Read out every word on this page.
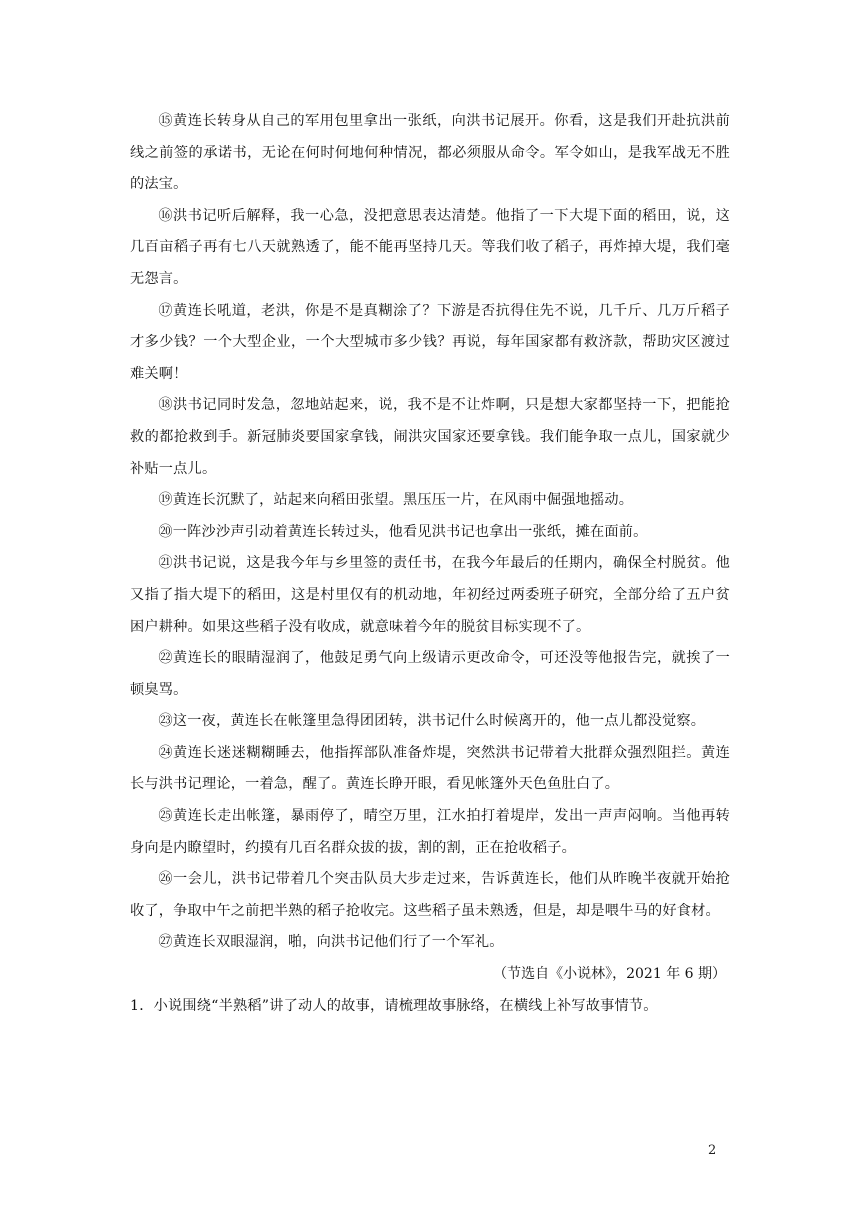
⑮黄连长转身从自己的军用包里拿出一张纸，向洪书记展开。你看，这是我们开赴抗洪前线之前签的承诺书，无论在何时何地何种情况，都必须服从命令。军令如山，是我军战无不胜的法宝。

⑯洪书记听后解释，我一心急，没把意思表达清楚。他指了一下大堤下面的稻田，说，这几百亩稻子再有七八天就熟透了，能不能再坚持几天。等我们收了稻子，再炸掉大堤，我们毫无怨言。

⑰黄连长吼道，老洪，你是不是真糊涂了？下游是否抗得住先不说，几千斤、几万斤稻子才多少钱？一个大型企业，一个大型城市多少钱？再说，每年国家都有救济款，帮助灾区渡过难关啊！

⑱洪书记同时发急，忽地站起来，说，我不是不让炸啊，只是想大家都坚持一下，把能抢救的都抢救到手。新冠肺炎要国家拿钱，闹洪灾国家还要拿钱。我们能争取一点儿，国家就少补贴一点儿。

⑲黄连长沉默了，站起来向稻田张望。黑压压一片，在风雨中倔强地摇动。

⑳一阵沙沙声引动着黄连长转过头，他看见洪书记也拿出一张纸，摊在面前。

㉑洪书记说，这是我今年与乡里签的责任书，在我今年最后的任期内，确保全村脱贫。他又指了指大堤下的稻田，这是村里仅有的机动地，年初经过两委班子研究，全部分给了五户贫困户耕种。如果这些稻子没有收成，就意味着今年的脱贫目标实现不了。

㉒黄连长的眼睛湿润了，他鼓足勇气向上级请示更改命令，可还没等他报告完，就挨了一顿臭骂。

㉓这一夜，黄连长在帐篷里急得团团转，洪书记什么时候离开的，他一点儿都没觉察。

㉔黄连长迷迷糊糊睡去，他指挥部队准备炸堤，突然洪书记带着大批群众强烈阻拦。黄连长与洪书记理论，一着急，醒了。黄连长睁开眼，看见帐篷外天色鱼肚白了。

㉕黄连长走出帐篷，暴雨停了，晴空万里，江水拍打着堤岸，发出一声声闷响。当他再转身向是内瞭望时，约摸有几百名群众拔的拔，割的割，正在抢收稻子。

㉖一会儿，洪书记带着几个突击队员大步走过来，告诉黄连长，他们从昨晚半夜就开始抢收了，争取中午之前把半熟的稻子抢收完。这些稻子虽未熟透，但是，却是喂牛马的好食材。

㉗黄连长双眼湿润，啪，向洪书记他们行了一个军礼。

（节选自《小说林》，2021 年 6 期）

1．小说围绕“半熟稻”讲了动人的故事，请梳理故事脉络，在横线上补写故事情节。

2
